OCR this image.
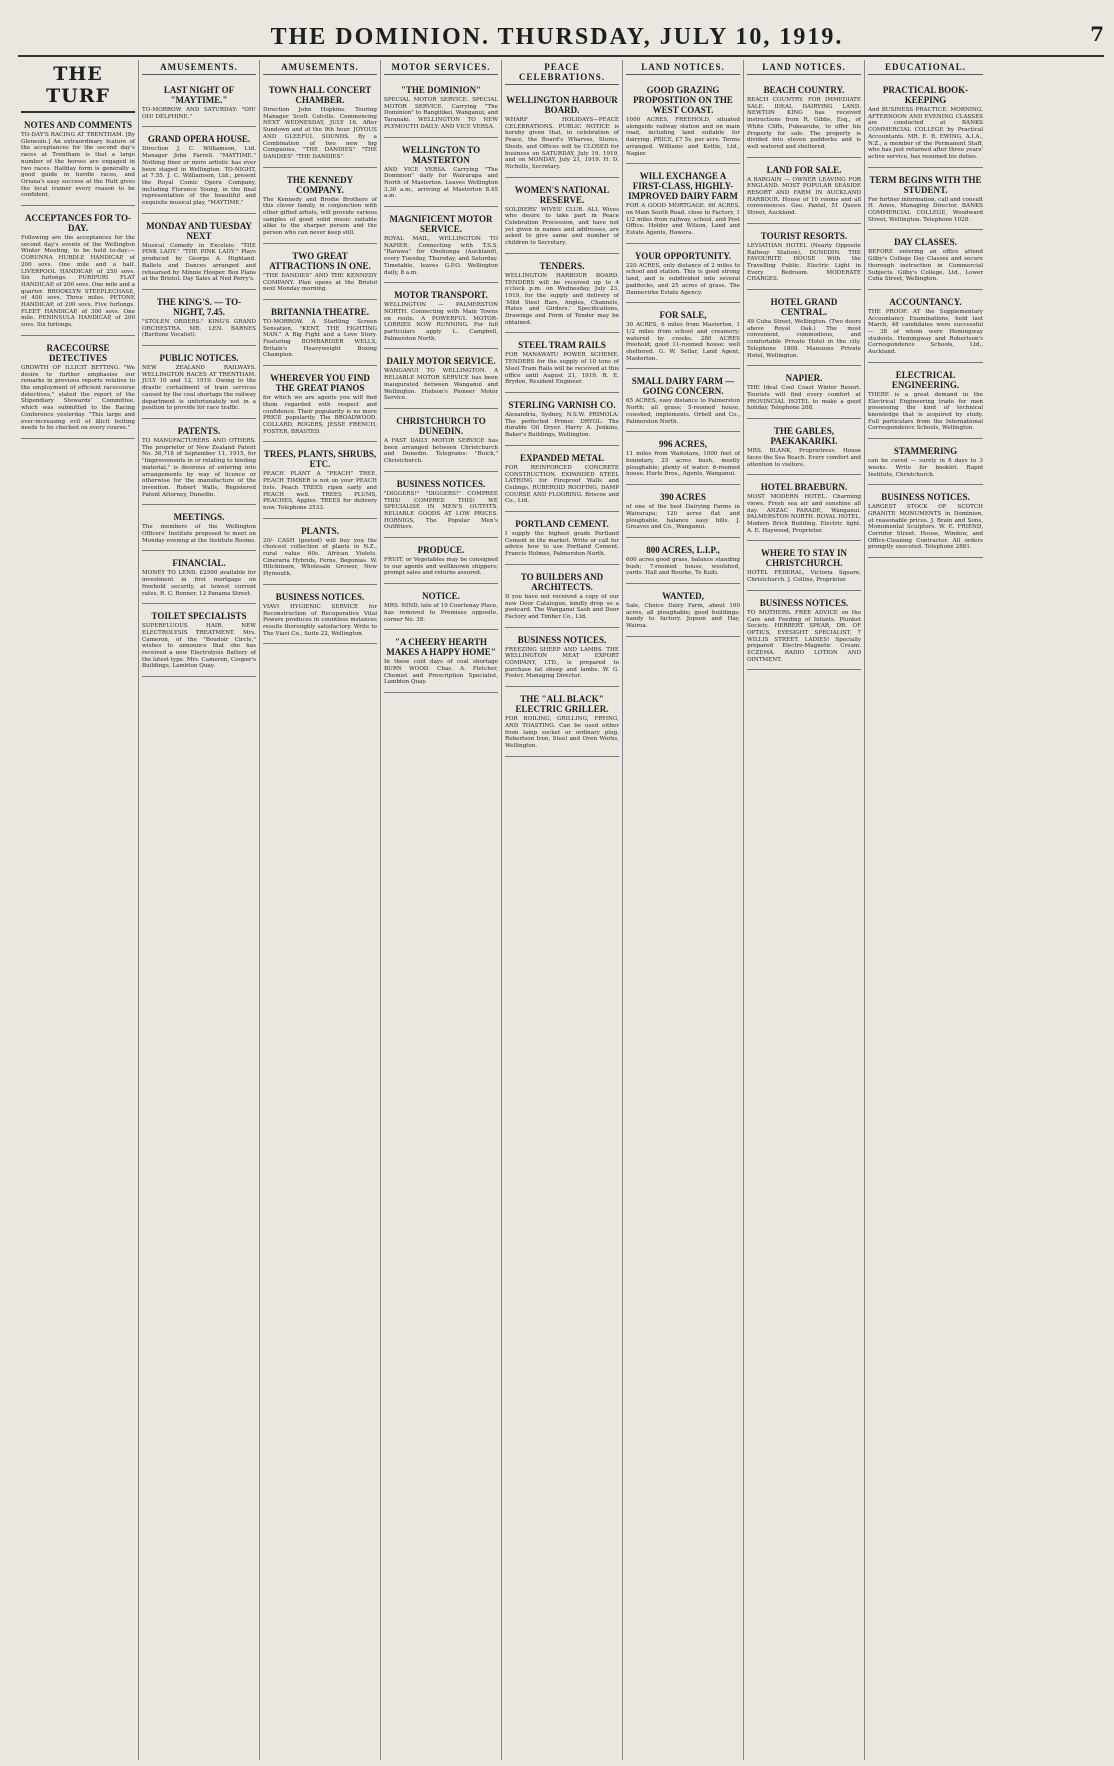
THE DOMINION. THURSDAY, JULY 10, 1919.	7
THE TURF
NOTES AND COMMENTS

TO-DAY'S RACING AT TRENTHAM. [By Gleneoin.] An extraordinary feature of the acceptances for the second day's races at Trentham is that a large number of the horses are engaged in two races. Halfday form is generally a good guide in hurdle races, and Oriana's easy success at the Hutt gives the local trainer every reason to be confident.

ACCEPTANCES FOR TO-DAY.

Following are the acceptances for the second day's events of the Wellington Winter Meeting, to be held to-day:— CORUNNA HURDLE HANDICAP, of 200 sovs. One mile and a half. LIVERPOOL HANDICAP, of 250 sovs. Six furlongs. PURIPURI FLAT HANDICAP, of 200 sovs. One mile and a quarter. BROOKLYN STEEPLECHASE, of 400 sovs. Three miles. PETONE HANDICAP, of 200 sovs. Five furlongs. FLEET HANDICAP, of 300 sovs. One mile. PENINSULA HANDICAP, of 200 sovs. Six furlongs.

RACECOURSE DETECTIVES

GROWTH OF ILLICIT BETTING. "We desire to further emphasise our remarks in previous reports relative to the employment of efficient racecourse detectives," stated the report of the Stipendiary Stewards' Committee, which was submitted to the Racing Conference yesterday. "This large and ever-increasing evil of illicit betting needs to be checked on every course."

AMUSEMENTS.
LAST NIGHT OF "MAYTIME."

TO-MORROW AND SATURDAY: "OH! OH! DELPHINE."

GRAND OPERA HOUSE.

Direction J. C. Williamson, Ltd. Manager John Farrell. "MAYTIME." Nothing finer or more artistic has ever been staged in Wellington. TO-NIGHT, at 7.55. J. C. Williamson, Ltd., present the Royal Comic Opera Company, including Florence Young, in the final representation of the beautiful and exquisite musical play, "MAYTIME."

MONDAY AND TUESDAY NEXT

Musical Comedy in Excelsis: "THE PINK LADY." "THE PINK LADY." Plays produced by George A. Highland. Ballets and Dances arranged and rehearsed by Minnie Hooper. Box Plans at the Bristol. Day Sales at Ned Perry's.

THE KING'S. — TO-NIGHT, 7.45.

"STOLEN ORDERS." KING'S GRAND ORCHESTRA. MR. LEN. BARNES (Baritone Vocalist).

PUBLIC NOTICES.

NEW ZEALAND RAILWAYS. WELLINGTON RACES AT TRENTHAM. JULY 10 and 12, 1919. Owing to the drastic curtailment of train services caused by the coal shortage the railway department is unfortunately not in a position to provide for race traffic.

PATENTS.

TO MANUFACTURERS AND OTHERS. The proprietor of New Zealand Patent No. 36,718 of September 11, 1915, for "Improvements in or relating to binding material," is desirous of entering into arrangements by way of licence or otherwise for the manufacture of the invention. Robert Walls, Registered Patent Attorney, Dunedin.

MEETINGS.

The members of the Wellington Officers' Institute proposed to meet on Monday evening at the Institute Rooms.

FINANCIAL.

MONEY TO LEND. £2500 available for investment in first mortgage on freehold security, at lowest current rates. R. C. Renner, 12 Panama Street.

TOILET SPECIALISTS

SUPERFLUOUS HAIR. NEW ELECTROLYSIS TREATMENT. Mrs. Cameron, of the "Boudoir Circle," wishes to announce that she has received a new Electrolysis Battery of the latest type. Mrs. Cameron, Cooper's Buildings, Lambton Quay.

AMUSEMENTS.
TOWN HALL CONCERT CHAMBER.

Direction John Hopkins. Touring Manager Scott Colville. Commencing NEXT WEDNESDAY, JULY 16. After Sundown and at the 9th hour. JOYOUS AND GLEEFUL SOUNDS. By a Combination of two new big Companies. "THE DANDIES" "THE DANDIES" "THE DANDIES".

THE KENNEDY COMPANY.

The Kennedy and Brodie Brothers of this clever family, in conjunction with other gifted artists, will provide various samples of good solid music suitable alike to the sharper person and the person who can never keep still.

TWO GREAT ATTRACTIONS IN ONE.

"THE DANDIES" AND THE KENNEDY COMPANY. Plan opens at the Bristol next Monday morning.

BRITANNIA THEATRE.

TO-MORROW. A Startling Screen Sensation, "KENT, THE FIGHTING MAN." A Big Fight and a Love Story. Featuring BOMBARDIER WELLS, Britain's Heavyweight Boxing Champion.

WHEREVER YOU FIND THE GREAT PIANOS

for which we are agents you will find them regarded with respect and confidence. Their popularity is no mere PRICE popularity. The BROADWOOD, COLLARD, ROGERS, JESSE FRENCH, FOSTER, BRASTED.

TREES, PLANTS, SHRUBS, ETC.

PEACH PLANT A "PEACH" TREE. PEACH TIMBER is not on your PEACH lists. Peach TREES ripen early and PEACH well. TREES PLUMS, PEACHES, Apples. TREES for delivery now. Telephone 2533.

PLANTS.

20/- CASH (posted) will buy you the choicest collection of plants in N.Z., rural value 60s. African Violets, Cineraria Hybrids, Ferns, Begonias. W. Hitchinson, Wholesale Grower, New Plymouth.

BUSINESS NOTICES.

VIAVI HYGIENIC SERVICE for Reconstruction of Recuperative Vital Powers produces in countless instances results thoroughly satisfactory. Write to The Viavi Co., Suite 22, Wellington.

MOTOR SERVICES.
"THE DOMINION"

SPECIAL MOTOR SERVICE. SPECIAL MOTOR SERVICE. Carrying "The Dominion" to Rangitikei, Wanganui, and Taranaki. WELLINGTON TO NEW PLYMOUTH DAILY; AND VICE VERSA.

WELLINGTON TO MASTERTON

AND VICE VERSA. Carrying "The Dominion" daily for Wairarapa and North of Masterton. Leaves Wellington 3.30 a.m., arriving at Masterton 8.45 a.m.

MAGNIFICENT MOTOR SERVICE.

ROYAL MAIL, WELLINGTON TO NAPIER. Connecting with T.S.S. "Rarawa" for Onehunga (Auckland), every Tuesday, Thursday, and Saturday. Timetable, leaves G.P.O. Wellington daily, 8 a.m.

MOTOR TRANSPORT.

WELLINGTON — PALMERSTON NORTH. Connecting with Main Towns en route. A POWERFUL MOTOR-LORRIES NOW RUNNING. For full particulars apply L. Campbell, Palmerston North.

DAILY MOTOR SERVICE.

WANGANUI TO WELLINGTON. A RELIABLE MOTOR SERVICE has been inaugurated between Wanganui and Wellington. Hudson's Pioneer Motor Service.

CHRISTCHURCH TO DUNEDIN.

A FAST DAILY MOTOR SERVICE has been arranged between Christchurch and Dunedin. Telegrams: "Buick," Christchurch.

BUSINESS NOTICES.

"DIGGERS!" "DIGGERS!" COMPREE THIS! COMPREE THIS! WE SPECIALISE IN MEN'S OUTFITS. RELIABLE GOODS AT LOW PRICES. HORNIGS, The Popular Men's Outfitters.

PRODUCE.

FRUIT, or Vegetables may be consigned to our agents and wellknown shippers; prompt sales and returns assured.

NOTICE.

MRS. NIND, late of 19 Courtenay Place, has removed to Premises opposite, corner No. 38.

"A CHEERY HEARTH MAKES A HAPPY HOME"

In these cold days of coal shortage BURN WOOD. Chas. A. Fletcher, Chemist and Prescription Specialist, Lambton Quay.

PEACE CELEBRATIONS.
WELLINGTON HARBOUR BOARD.

WHARF HOLIDAYS—PEACE CELEBRATIONS. PUBLIC NOTICE is hereby given that, in celebration of Peace, the Board's Wharves, Stores, Sheds, and Offices will be CLOSED for business on SATURDAY, July 19, 1919, and on MONDAY, July 21, 1919. H. D. Nicholls, Secretary.

WOMEN'S NATIONAL RESERVE.

SOLDIERS' WIVES' CLUB. ALL Wives who desire to take part in Peace Celebration Procession, and have not yet given in names and addresses, are asked to give same and number of children to Secretary.

TENDERS.

WELLINGTON HARBOUR BOARD. TENDERS will be received up to 4 o'clock p.m. on Wednesday, July 23, 1919, for the supply and delivery of 'Mild Steel Bars, Angles, Channels, Plates and Girders.' Specifications, Drawings and Form of Tender may be obtained.

STEEL TRAM RAILS

FOR MANAWATU POWER SCHEME. TENDERS for the supply of 10 tons of Steel Tram Rails will be received at this office until August 21, 1919. R. E. Brydon, Resident Engineer.

STERLING VARNISH CO.

Alexandria, Sydney, N.S.W. PRIMOLA: The perfected Primer. DRYOL: The durable Oil Dryer. Harry A. Jenkins, Baker's Buildings, Wellington.

EXPANDED METAL

FOR REINFORCED CONCRETE CONSTRUCTION. EXPANDED STEEL LATHING for Fireproof Walls and Ceilings. RUBEROID ROOFING, DAMP COURSE AND FLOORING. Briscoe and Co., Ltd.

PORTLAND CEMENT.

I supply the highest grade Portland Cement in the market. Write or call for advice how to use Portland Cement. Francis Holmes, Palmerston North.

TO BUILDERS AND ARCHITECTS.

If you have not received a copy of our new Door Catalogue, kindly drop us a postcard. The Wanganui Sash and Door Factory and Timber Co., Ltd.

BUSINESS NOTICES.

FREEZING SHEEP AND LAMBS. THE WELLINGTON MEAT EXPORT COMPANY, LTD., is prepared to purchase fat sheep and lambs. W. G. Foster, Managing Director.

THE "ALL BLACK" ELECTRIC GRILLER.

FOR BOILING, GRILLING, FRYING, AND TOASTING. Can be used either from lamp socket or ordinary plug. Robertson Iron, Steel and Oven Works, Wellington.

LAND NOTICES.
GOOD GRAZING PROPOSITION ON THE WEST COAST.

1000 ACRES, FREEHOLD, situated alongside railway station and on main road, including land suitable for dairying. PRICE, £7 5s. per acre. Terms arranged. Williams and Kettle, Ltd., Napier.

WILL EXCHANGE A FIRST-CLASS, HIGHLY-IMPROVED DAIRY FARM

FOR A GOOD MORTGAGE. 60 ACRES, on Main South Road, close to Factory, 1 1/2 miles from railway, school, and Post Office. Holder and Wilson, Land and Estate Agents, Hawera.

YOUR OPPORTUNITY.

220 ACRES, only distance of 2 miles to school and station. This is good strong land, and is subdivided into several paddocks, and 25 acres of grass. The Dannevirke Estate Agency.

FOR SALE,

30 ACRES, 6 miles from Masterton, 1 1/2 miles from school and creamery; watered by creeks. 280 ACRES freehold; good 11-roomed house; well sheltered. G. W. Sellar, Land Agent, Masterton.

SMALL DAIRY FARM — GOING CONCERN.

65 ACRES, easy distance to Palmerston North; all grass; 5-roomed house, cowshed, implements. Orbell and Co., Palmerston North.

996 ACRES,

11 miles from Waitotara, 1000 feet of boundary, 25 acres bush, mostly ploughable; plenty of water; 6-roomed house. Hurle Bros., Agents, Wanganui.

390 ACRES

of one of the best Dairying Farms in Wairarapa; 120 acres flat and ploughable, balance easy hills. J. Greaves and Co., Wanganui.

800 ACRES, L.I.P.,

600 acres good grass, balance standing bush; 7-roomed house, woolshed, yards. Hall and Bourke, Te Kuiti.

WANTED,

Sale, Choice Dairy Farm, about 100 acres, all ploughable; good buildings; handy to factory. Jopson and Hay, Wairoa.

LAND NOTICES.
BEACH COUNTRY.

BEACH COUNTRY. FOR IMMEDIATE SALE. IDEAL DAIRYING LAND. NEWTON KING has received instructions from R. Gibbs, Esq., of White Cliffs, Pukearuhe, to offer his Property for sale. The property is divided into eleven paddocks and is well watered and sheltered.

LAND FOR SALE.

A BARGAIN — OWNER LEAVING FOR ENGLAND. MOST POPULAR SEASIDE RESORT AND FARM IN AUCKLAND HARBOUR. House of 10 rooms and all conveniences. Geo. Paxtel, 51 Queen Street, Auckland.

TOURIST RESORTS.

LEVIATHAN HOTEL (Nearly Opposite Railway Station), DUNEDIN. THE FAVOURITE HOUSE With the Travelling Public. Electric Light in Every Bedroom. MODERATE CHARGES.

HOTEL GRAND CENTRAL.

49 Cuba Street, Wellington. (Two doors above Royal Oak.) The most convenient, commodious, and comfortable Private Hotel in the city. Telephone 1808. Mansions Private Hotel, Wellington.

NAPIER.

THE Ideal Cool Coast Winter Resort. Tourists will find every comfort at PROVINCIAL HOTEL to make a good holiday. Telephone 268.

THE GABLES, PAEKAKARIKI.

MRS. BLANK, Proprietress. House faces the Sea Beach. Every comfort and attention to visitors.

HOTEL BRAEBURN.

MOST MODERN HOTEL. Charming views. Fresh sea air and sunshine all day. ANZAC PARADE, Wanganui. PALMERSTON NORTH. ROYAL HOTEL, Modern Brick Building. Electric light. A. E. Haywood, Proprietor.

WHERE TO STAY IN CHRISTCHURCH.

HOTEL FEDERAL, Victoria Square, Christchurch. J. Collins, Proprietor.

BUSINESS NOTICES.

TO MOTHERS. FREE ADVICE on the Care and Feeding of Infants. Plunket Society. HERBERT SPEAR, DR. OF OPTICS, EYESIGHT SPECIALIST, 7 WILLIS STREET. LADIES! Specially prepared Electro-Magnetic Cream. ECZEMA. RADIO LOTION AND OINTMENT.

EDUCATIONAL.
PRACTICAL BOOK-KEEPING

And BUSINESS PRACTICE. MORNING, AFTERNOON AND EVENING CLASSES are conducted at BANKS COMMERCIAL COLLEGE by Practical Accountants. MR. E. R. EWING, A.I.A., N.Z., a member of the Permanent Staff, who has just returned after three years' active service, has resumed his duties.

TERM BEGINS WITH THE STUDENT.

For further information, call and consult H. Amos, Managing Director, BANKS COMMERCIAL COLLEGE, Woodward Street, Wellington. Telephone 1028.

DAY CLASSES.

BEFORE entering an office attend Gilby's College Day Classes and secure thorough instruction in Commercial Subjects. Gilby's College, Ltd., Lower Cuba Street, Wellington.

ACCOUNTANCY.

THE PROOF. AT the Supplementary Accountancy Examinations, held last March, 48 candidates were successful — 38 of whom were Hemingway students. Hemingway and Robertson's Correspondence Schools, Ltd., Auckland.

ELECTRICAL ENGINEERING.

THERE is a great demand in the Electrical Engineering trade for men possessing the kind of technical knowledge that is acquired by study. Full particulars from the International Correspondence Schools, Wellington.

STAMMERING

can be cured — surely in 8 days to 3 weeks. Write for booklet. Rapid Institute, Christchurch.

BUSINESS NOTICES.

LARGEST STOCK OF SCOTCH GRANITE MONUMENTS in Dominion, at reasonable prices. J. Brain and Sons, Monumental Sculptors. W. E. FRIEND, Corridor Street. House, Window, and Office-Cleaning Contractor. All orders promptly executed. Telephone 2881.
